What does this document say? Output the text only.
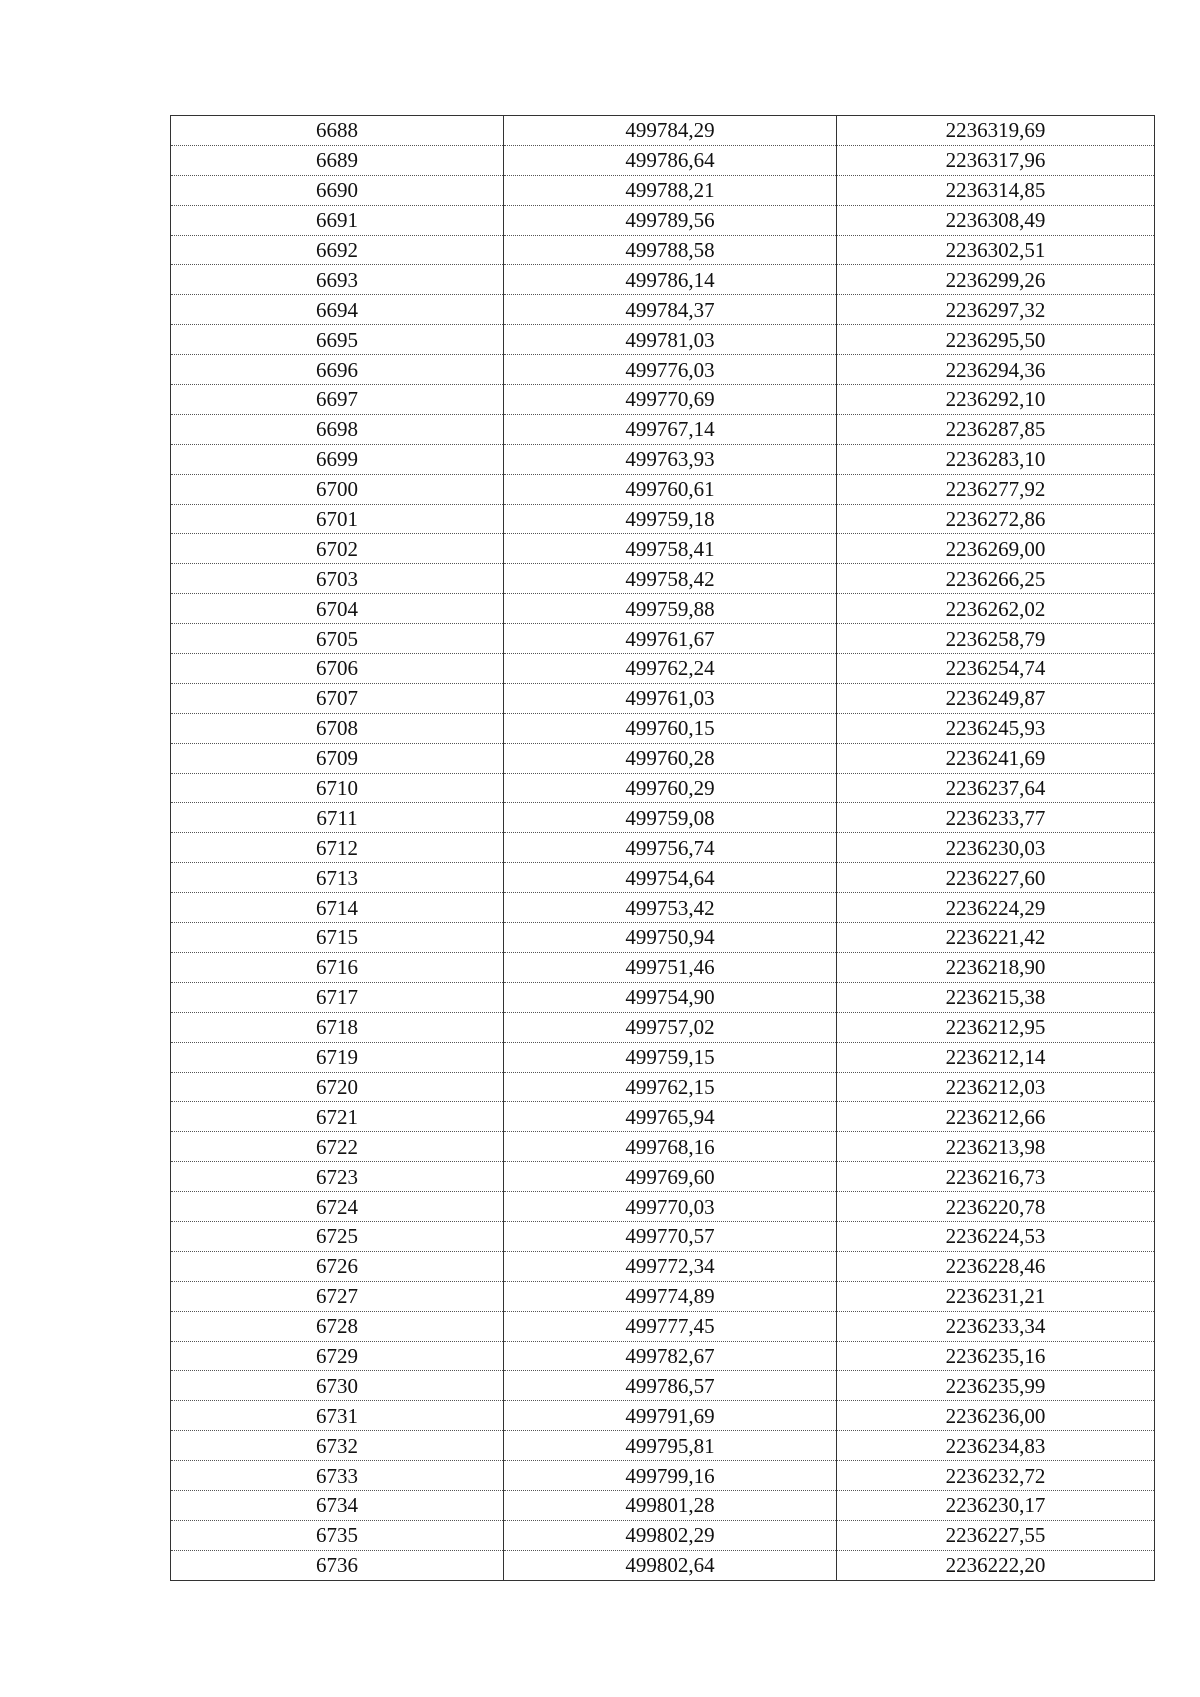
6688	499784,29	2236319,69
6689	499786,64	2236317,96
6690	499788,21	2236314,85
6691	499789,56	2236308,49
6692	499788,58	2236302,51
6693	499786,14	2236299,26
6694	499784,37	2236297,32
6695	499781,03	2236295,50
6696	499776,03	2236294,36
6697	499770,69	2236292,10
6698	499767,14	2236287,85
6699	499763,93	2236283,10
6700	499760,61	2236277,92
6701	499759,18	2236272,86
6702	499758,41	2236269,00
6703	499758,42	2236266,25
6704	499759,88	2236262,02
6705	499761,67	2236258,79
6706	499762,24	2236254,74
6707	499761,03	2236249,87
6708	499760,15	2236245,93
6709	499760,28	2236241,69
6710	499760,29	2236237,64
6711	499759,08	2236233,77
6712	499756,74	2236230,03
6713	499754,64	2236227,60
6714	499753,42	2236224,29
6715	499750,94	2236221,42
6716	499751,46	2236218,90
6717	499754,90	2236215,38
6718	499757,02	2236212,95
6719	499759,15	2236212,14
6720	499762,15	2236212,03
6721	499765,94	2236212,66
6722	499768,16	2236213,98
6723	499769,60	2236216,73
6724	499770,03	2236220,78
6725	499770,57	2236224,53
6726	499772,34	2236228,46
6727	499774,89	2236231,21
6728	499777,45	2236233,34
6729	499782,67	2236235,16
6730	499786,57	2236235,99
6731	499791,69	2236236,00
6732	499795,81	2236234,83
6733	499799,16	2236232,72
6734	499801,28	2236230,17
6735	499802,29	2236227,55
6736	499802,64	2236222,20
